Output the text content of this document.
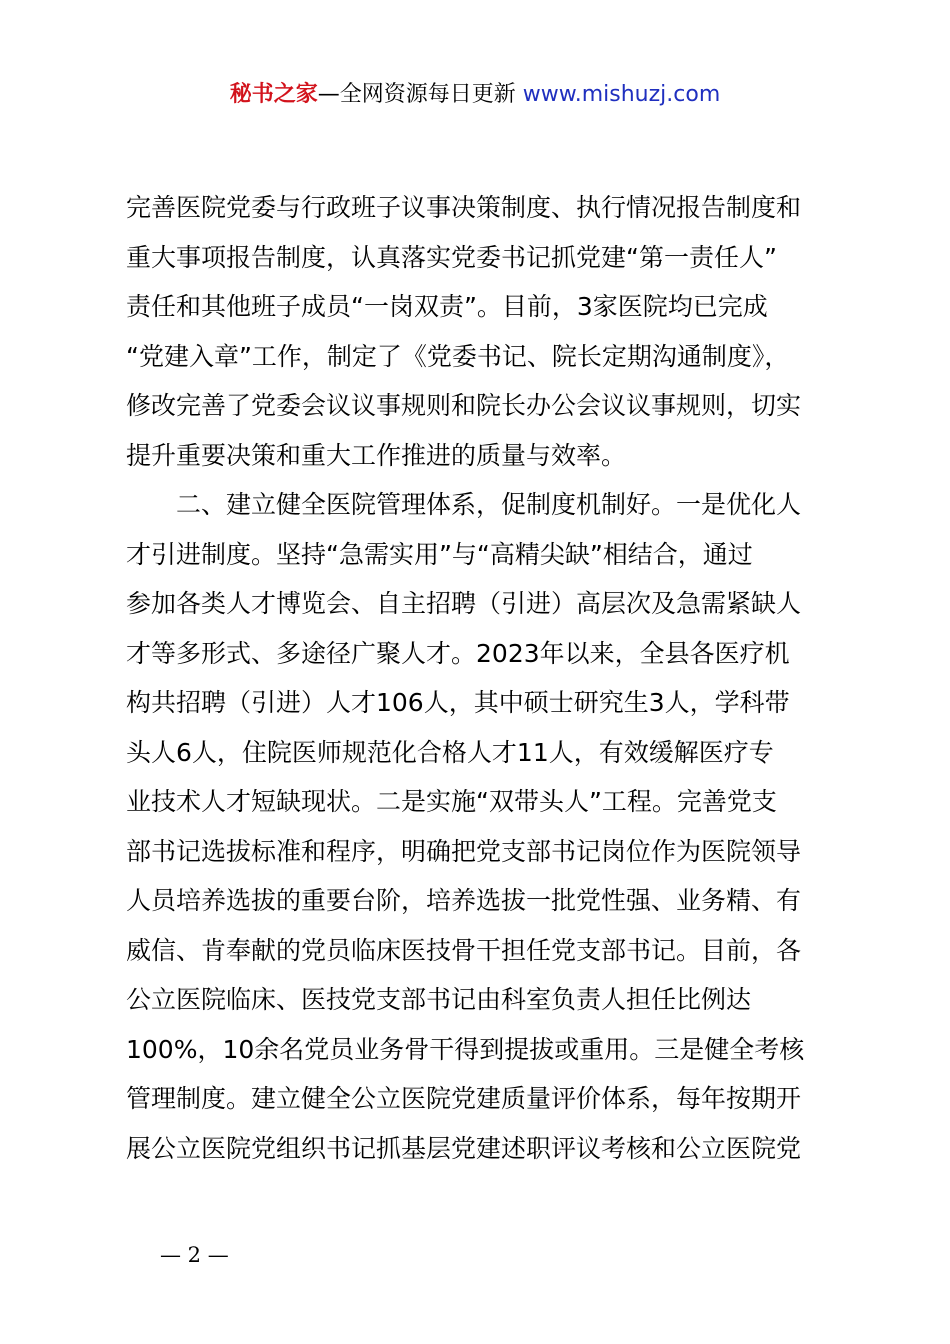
秘书之家—全网资源每日更新 www.mishuzj.com
完善医院党委与行政班子议事决策制度、执行情况报告制度和
重大事项报告制度，认真落实党委书记抓党建“第一责任人”
责任和其他班子成员“一岗双责”。目前，3家医院均已完成
“党建入章”工作，制定了《党委书记、院长定期沟通制度》，
修改完善了党委会议议事规则和院长办公会议议事规则，切实
提升重要决策和重大工作推进的质量与效率。
二、建立健全医院管理体系，促制度机制好。一是优化人
才引进制度。坚持“急需实用”与“高精尖缺”相结合，通过
参加各类人才博览会、自主招聘（引进）高层次及急需紧缺人
才等多形式、多途径广聚人才。2023年以来，全县各医疗机
构共招聘（引进）人才106人，其中硕士研究生3人，学科带
头人6人，住院医师规范化合格人才11人，有效缓解医疗专
业技术人才短缺现状。二是实施“双带头人”工程。完善党支
部书记选拔标准和程序，明确把党支部书记岗位作为医院领导
人员培养选拔的重要台阶，培养选拔一批党性强、业务精、有
威信、肯奉献的党员临床医技骨干担任党支部书记。目前，各
公立医院临床、医技党支部书记由科室负责人担任比例达
100%，10余名党员业务骨干得到提拔或重用。三是健全考核
管理制度。建立健全公立医院党建质量评价体系，每年按期开
展公立医院党组织书记抓基层党建述职评议考核和公立医院党
— 2 —
